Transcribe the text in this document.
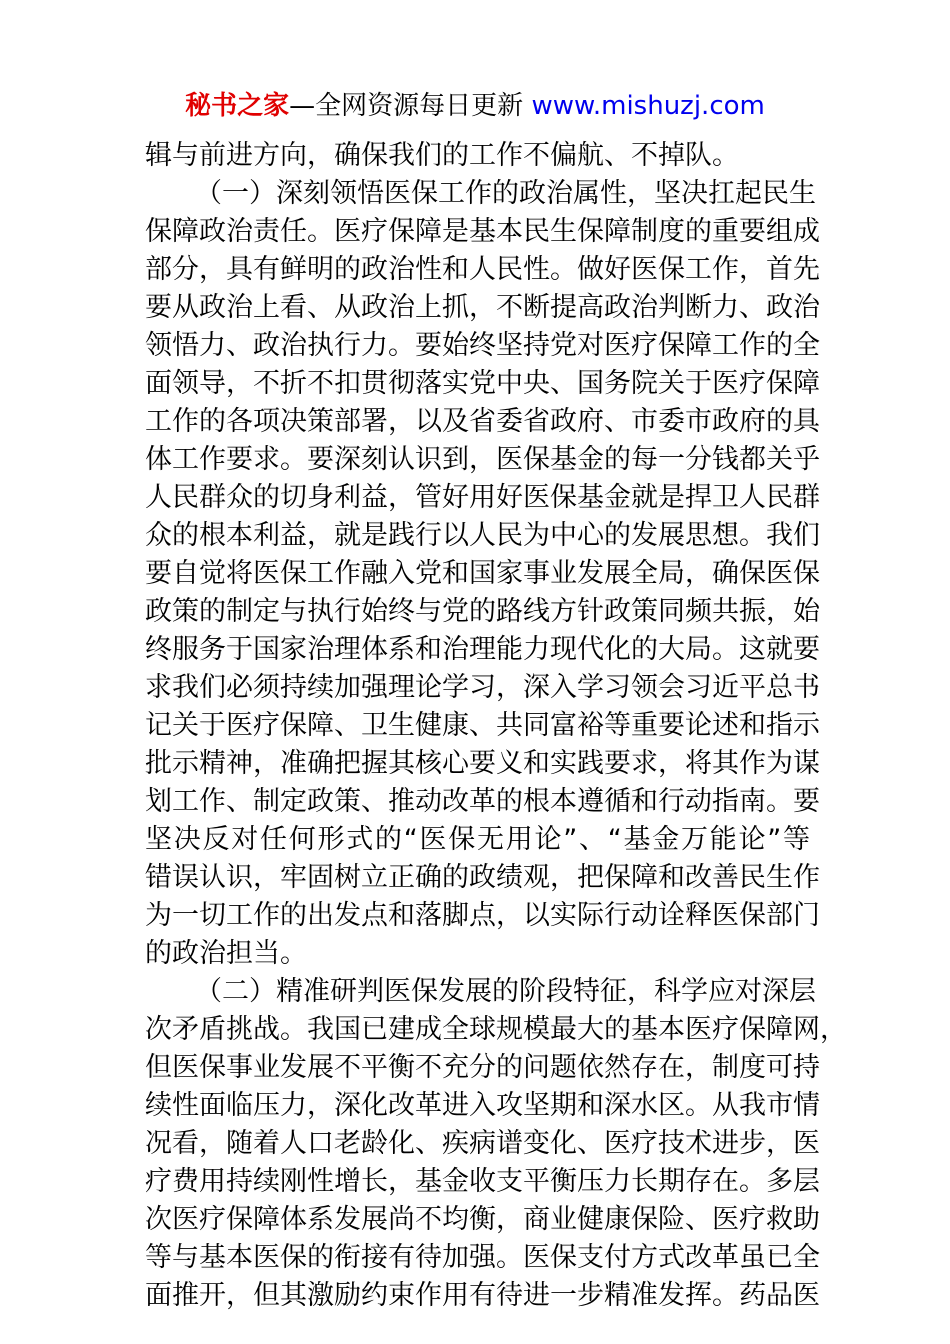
秘书之家—全网资源每日更新 www.mishuzj.com
辑与前进方向，确保我们的工作不偏航、不掉队。
（一）深刻领悟医保工作的政治属性，坚决扛起民生
保障政治责任。医疗保障是基本民生保障制度的重要组成
部分，具有鲜明的政治性和人民性。做好医保工作，首先
要从政治上看、从政治上抓，不断提高政治判断力、政治
领悟力、政治执行力。要始终坚持党对医疗保障工作的全
面领导，不折不扣贯彻落实党中央、国务院关于医疗保障
工作的各项决策部署，以及省委省政府、市委市政府的具
体工作要求。要深刻认识到，医保基金的每一分钱都关乎
人民群众的切身利益，管好用好医保基金就是捍卫人民群
众的根本利益，就是践行以人民为中心的发展思想。我们
要自觉将医保工作融入党和国家事业发展全局，确保医保
政策的制定与执行始终与党的路线方针政策同频共振，始
终服务于国家治理体系和治理能力现代化的大局。这就要
求我们必须持续加强理论学习，深入学习领会习近平总书
记关于医疗保障、卫生健康、共同富裕等重要论述和指示
批示精神，准确把握其核心要义和实践要求，将其作为谋
划工作、制定政策、推动改革的根本遵循和行动指南。要
坚决反对任何形式的“医保无用论”、“基金万能论”等
错误认识，牢固树立正确的政绩观，把保障和改善民生作
为一切工作的出发点和落脚点，以实际行动诠释医保部门
的政治担当。
（二）精准研判医保发展的阶段特征，科学应对深层
次矛盾挑战。我国已建成全球规模最大的基本医疗保障网，
但医保事业发展不平衡不充分的问题依然存在，制度可持
续性面临压力，深化改革进入攻坚期和深水区。从我市情
况看，随着人口老龄化、疾病谱变化、医疗技术进步，医
疗费用持续刚性增长，基金收支平衡压力长期存在。多层
次医疗保障体系发展尚不均衡，商业健康保险、医疗救助
等与基本医保的衔接有待加强。医保支付方式改革虽已全
面推开，但其激励约束作用有待进一步精准发挥。药品医
